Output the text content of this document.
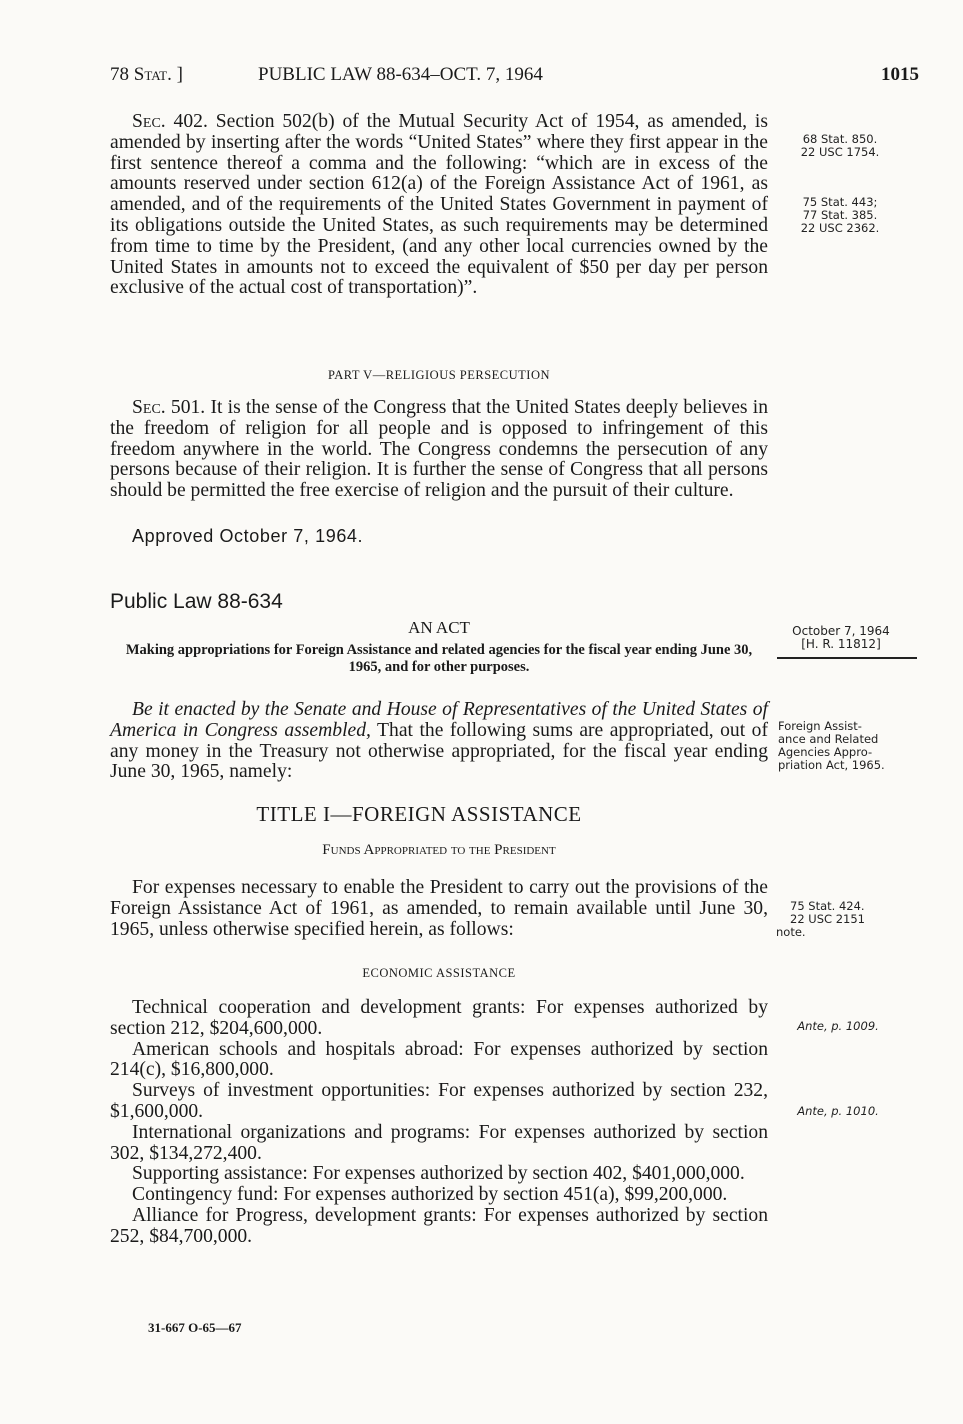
78 Stat. ]	PUBLIC LAW 88-634–OCT. 7, 1964	1015

Sec. 402. Section 502(b) of the Mutual Security Act of 1954, as amended, is amended by inserting after the words “United States” where they first appear in the first sentence thereof a comma and the following: “which are in excess of the amounts reserved under section 612(a) of the Foreign Assistance Act of 1961, as amended, and of the requirements of the United States Government in payment of its obligations outside the United States, as such requirements may be determined from time to time by the President, (and any other local currencies owned by the United States in amounts not to exceed the equivalent of $50 per day per person exclusive of the actual cost of transportation)”.

68 Stat. 850.
22 USC 1754.
75 Stat. 443;
77 Stat. 385.
22 USC 2362.
PART V—RELIGIOUS PERSECUTION

Sec. 501. It is the sense of the Congress that the United States deeply believes in the freedom of religion for all people and is opposed to infringement of this freedom anywhere in the world. The Congress condemns the persecution of any persons because of their religion. It is further the sense of Congress that all persons should be permitted the free exercise of religion and the pursuit of their culture.

Approved October 7, 1964.
Public Law 88-634
AN ACT
Making appropriations for Foreign Assistance and related agencies for the fiscal year ending June 30, 1965, and for other purposes.
October 7, 1964
[H. R. 11812]

Be it enacted by the Senate and House of Representatives of the United States of America in Congress assembled, That the following sums are appropriated, out of any money in the Treasury not otherwise appropriated, for the fiscal year ending June 30, 1965, namely:

Foreign Assist-
ance and Related
Agencies Appro-
priation Act, 1965.
TITLE I—FOREIGN ASSISTANCE
Funds Appropriated to the President

For expenses necessary to enable the President to carry out the provisions of the Foreign Assistance Act of 1961, as amended, to remain available until June 30, 1965, unless otherwise specified herein, as follows:

75 Stat. 424.
22 USC 2151
note.
ECONOMIC ASSISTANCE

Technical cooperation and development grants: For expenses authorized by section 212, $204,600,000.

American schools and hospitals abroad: For expenses authorized by section 214(c), $16,800,000.

Surveys of investment opportunities: For expenses authorized by section 232, $1,600,000.

International organizations and programs: For expenses authorized by section 302, $134,272,400.

Supporting assistance: For expenses authorized by section 402, $401,000,000.

Contingency fund: For expenses authorized by section 451(a), $99,200,000.

Alliance for Progress, development grants: For expenses authorized by section 252, $84,700,000.

Ante, p. 1009.
Ante, p. 1010.
31-667 O-65—67
